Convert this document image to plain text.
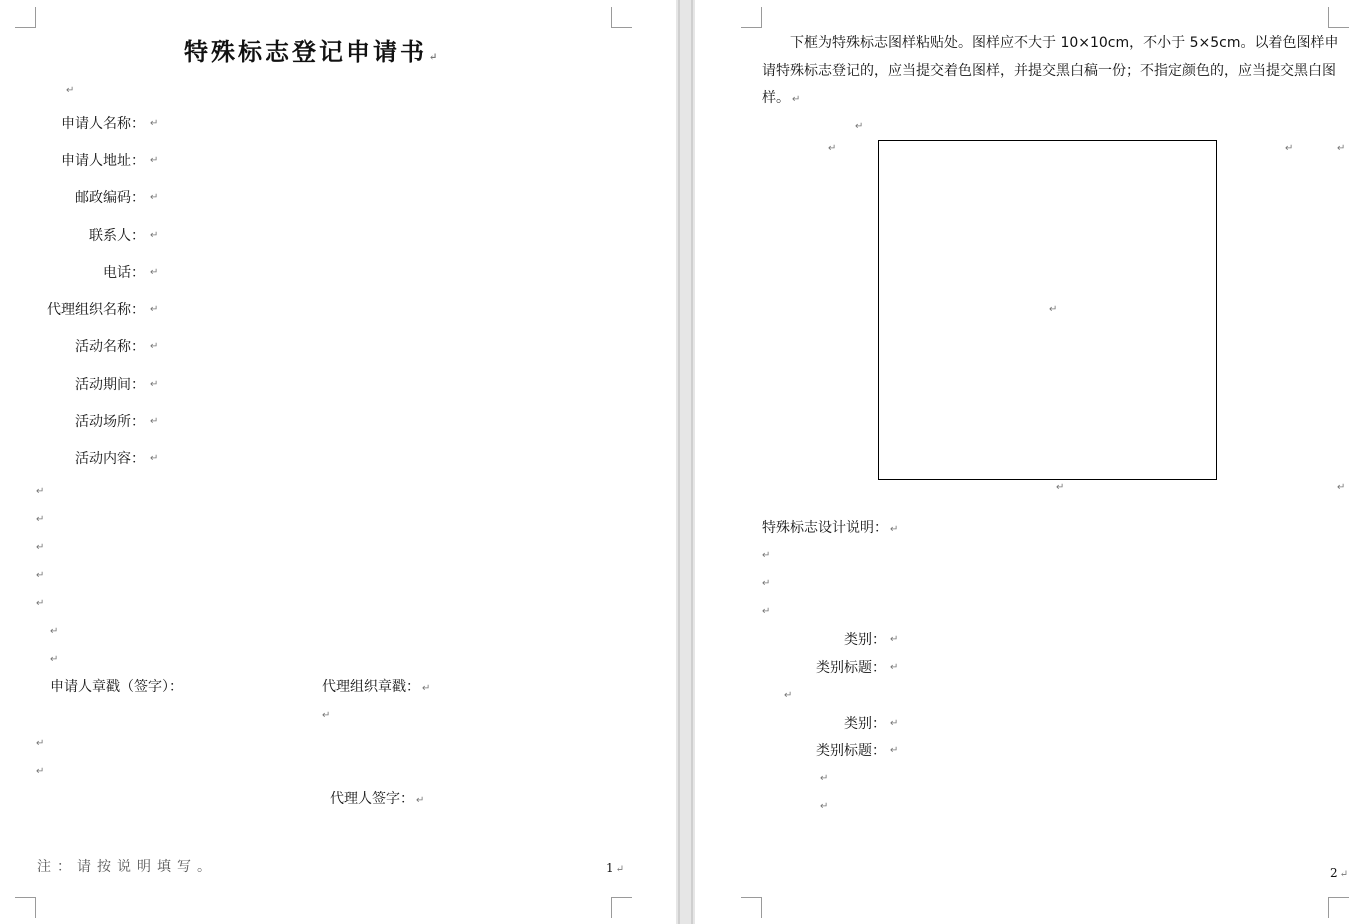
特殊标志登记申请书↵
↵
申请人名称：
↵
申请人地址：
↵
邮政编码：
↵
联系人：
↵
电话：
↵
代理组织名称：
↵
活动名称：
↵
活动期间：
↵
活动场所：
↵
活动内容：
↵
↵
↵
↵
↵
↵
↵
↵
申请人章戳（签字）：	代理组织章戳：↵
↵
↵
↵
代理人签字：↵
注：请按说明填写。	1↵
下框为特殊标志图样粘贴处。图样应不大于 10×10cm，不小于 5×5cm。以着色图样申请特殊标志登记的，应当提交着色图样，并提交黑白稿一份；不指定颜色的，应当提交黑白图样。↵
↵
↵
↵
↵
↵
↵
↵
特殊标志设计说明：↵
↵
↵
↵
类别：
↵
类别标题：
↵
↵
类别：
↵
类别标题：
↵
↵
↵
2↵
